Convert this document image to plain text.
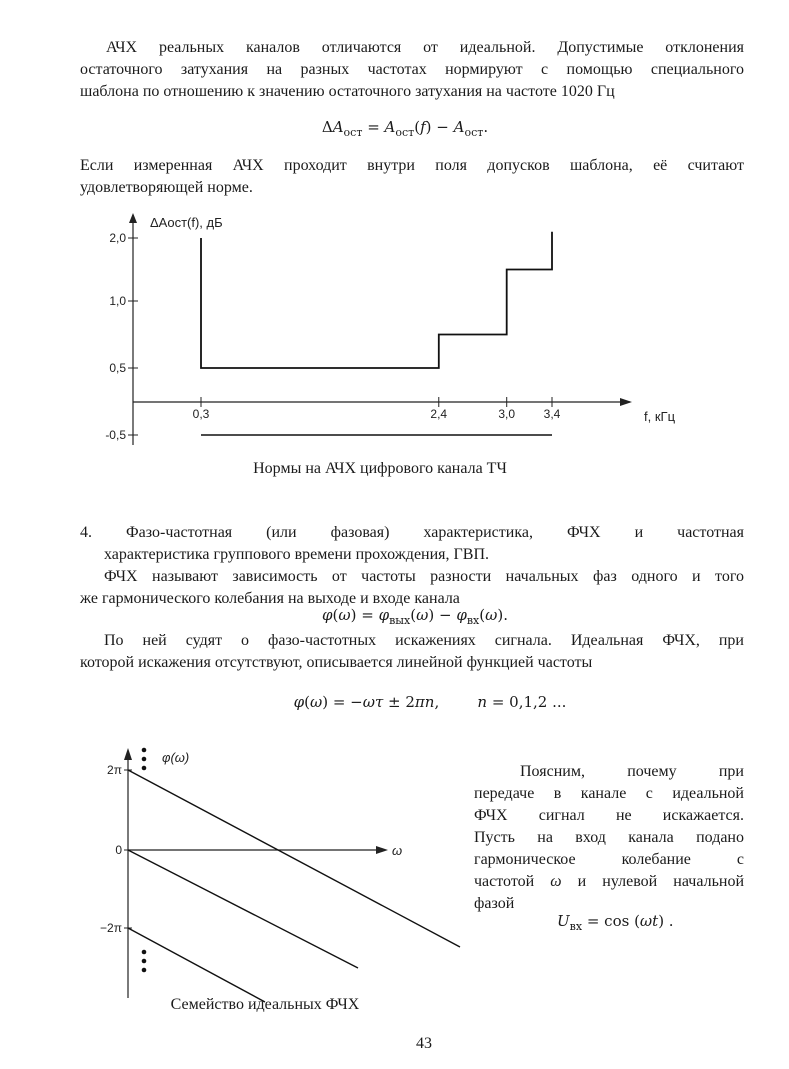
АЧХ реальных каналов отличаются от идеальной. Допустимые отклонения
остаточного затухания на разных частотах нормируют с помощью специального
шаблона по отношению к значению остаточного затухания на частоте 1020 Гц
$\Delta A_{ост} = A_{ост}(f) - A_{ост}$.
Если измеренная АЧХ проходит внутри поля допусков шаблона, её считают
удовлетворяющей норме.
ΔAост(f), дБ
f, кГц
2,0
1,0
0,5
-0,5
0,3	2,4	3,0 3,4
Нормы на АЧХ цифрового канала ТЧ
4. Фазо-частотная (или фазовая) характеристика, ФЧХ и частотная
характеристика группового времени прохождения, ГВП.
ФЧХ называют зависимость от частоты разности начальных фаз одного и того
же гармонического колебания на выходе и входе канала
$\varphi(\omega) = \varphi_{вых}(\omega) - \varphi_{вх}(\omega)$.
По ней судят о фазо-частотных искажениях сигнала. Идеальная ФЧХ, при
которой искажения отсутствуют, описывается линейной функцией частоты
φ(ω) = −ωτ ± 2πn,        n = 0,1,2 ...
φ(ω)
ω
2π
0
−2π
Семейство идеальных ФЧХ
Поясним, почему при
передаче в канале с идеальной
ФЧХ сигнал не искажается.
Пусть на вход канала подано
гармоническое колебание с
частотой ω и нулевой начальной
фазой
$U_{вх} = \cos (\omega t)$ .
43
